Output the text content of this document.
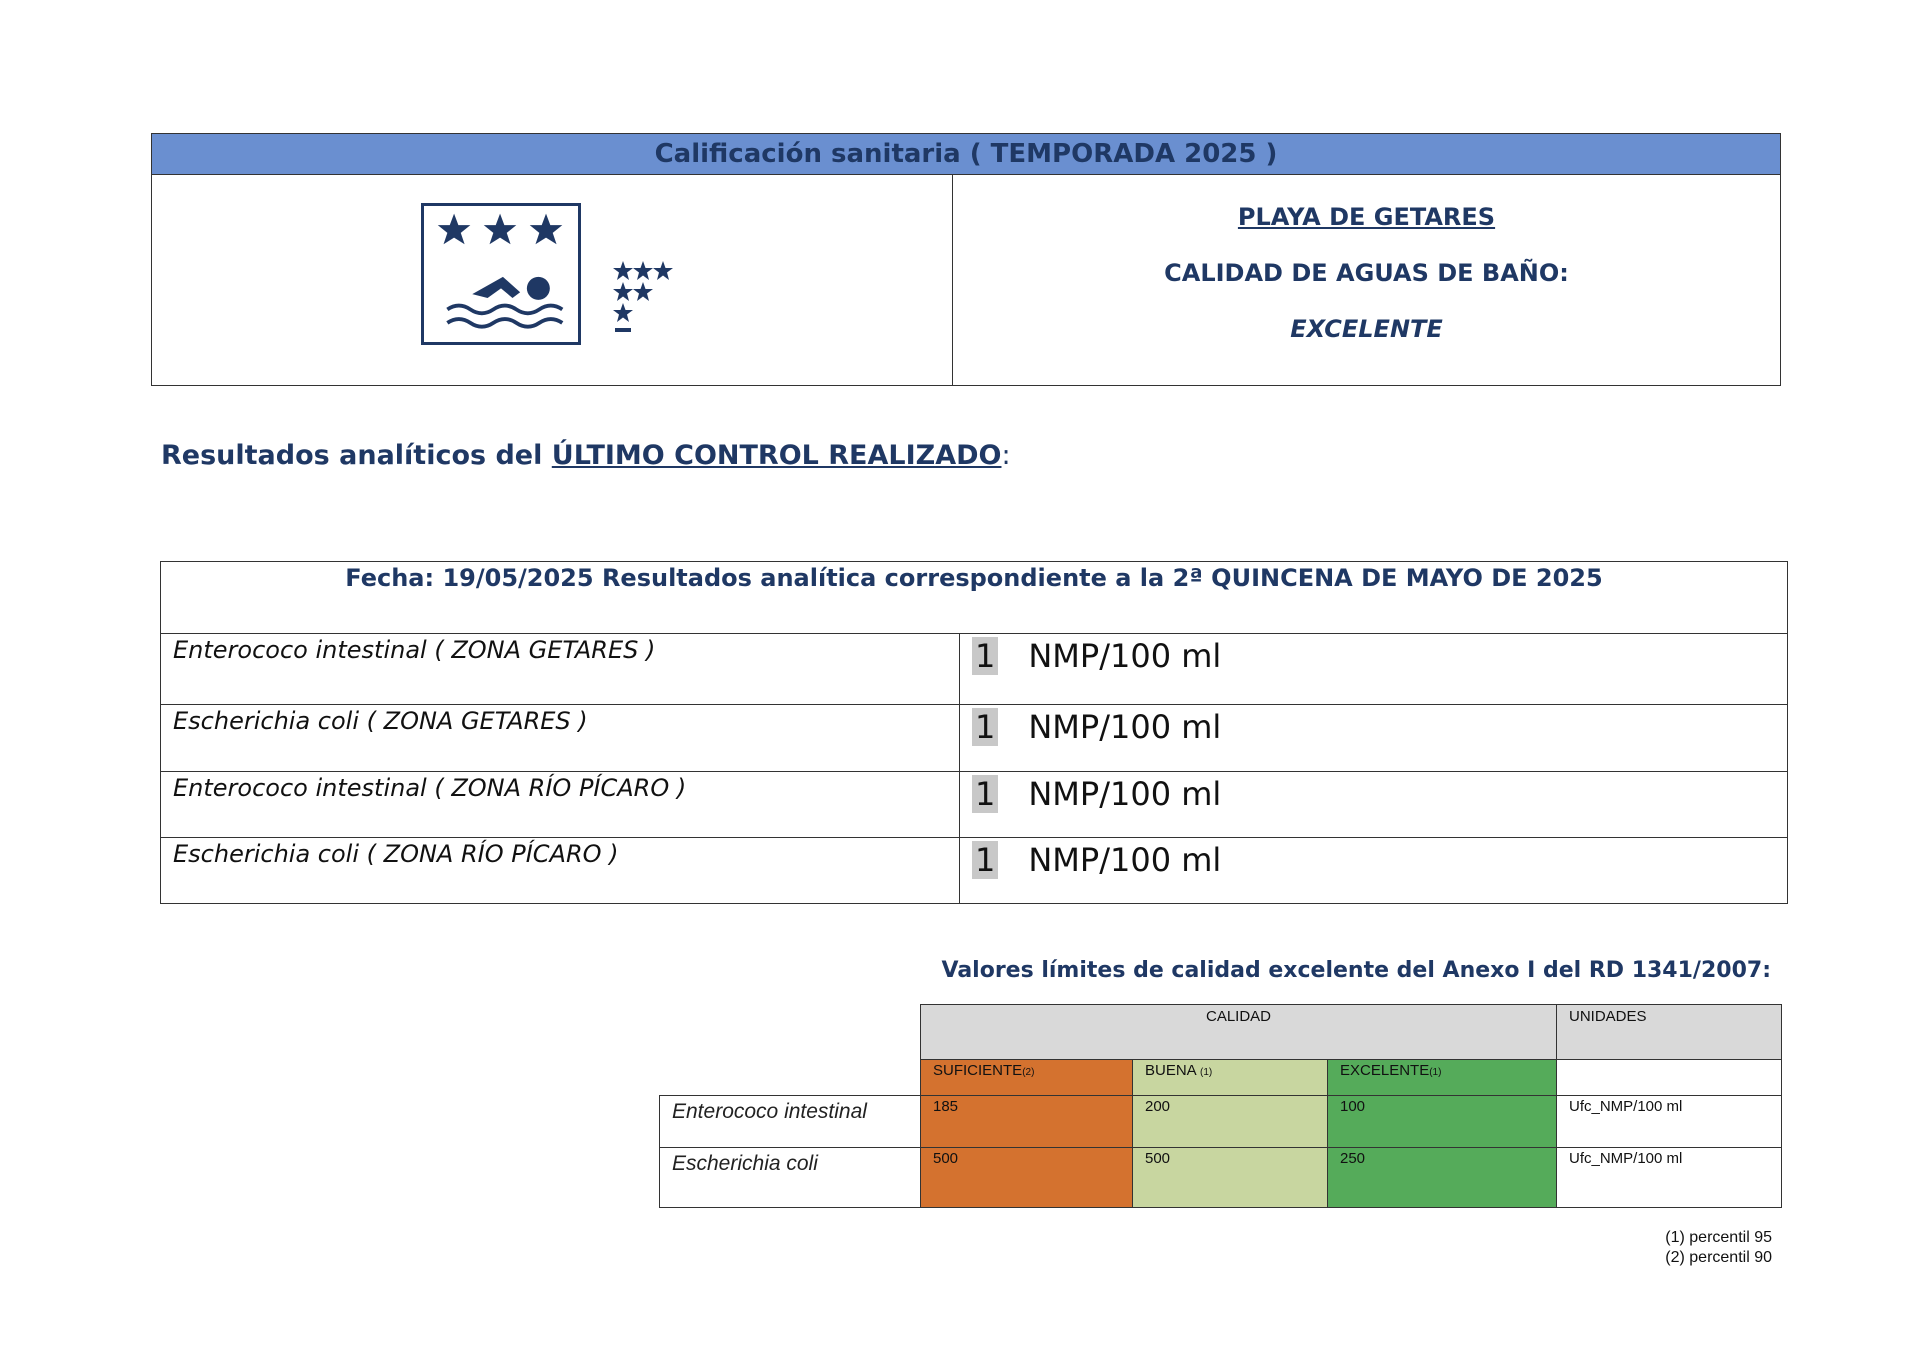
Calificación sanitaria ( TEMPORADA 2025 )
PLAYA DE GETARES
CALIDAD DE AGUAS DE BAÑO:
EXCELENTE
Resultados analíticos del ÚLTIMO CONTROL REALIZADO:
Fecha: 19/05/2025 Resultados analítica correspondiente a la 2ª QUINCENA DE MAYO DE 2025
Enterococo intestinal ( ZONA GETARES )	1 NMP/100 ml
Escherichia coli ( ZONA GETARES )	1 NMP/100 ml
Enterococo intestinal ( ZONA RÍO PÍCARO )	1 NMP/100 ml
Escherichia coli ( ZONA RÍO PÍCARO )	1 NMP/100 ml
Valores límites de calidad excelente del Anexo I del RD 1341/2007:
CALIDAD	UNIDADES
SUFICIENTE(2)	BUENA (1)	EXCELENTE(1)
Enterococo intestinal	185	200	100	Ufc_NMP/100 ml
Escherichia coli	500	500	250	Ufc_NMP/100 ml
(1) percentil 95
(2) percentil 90
